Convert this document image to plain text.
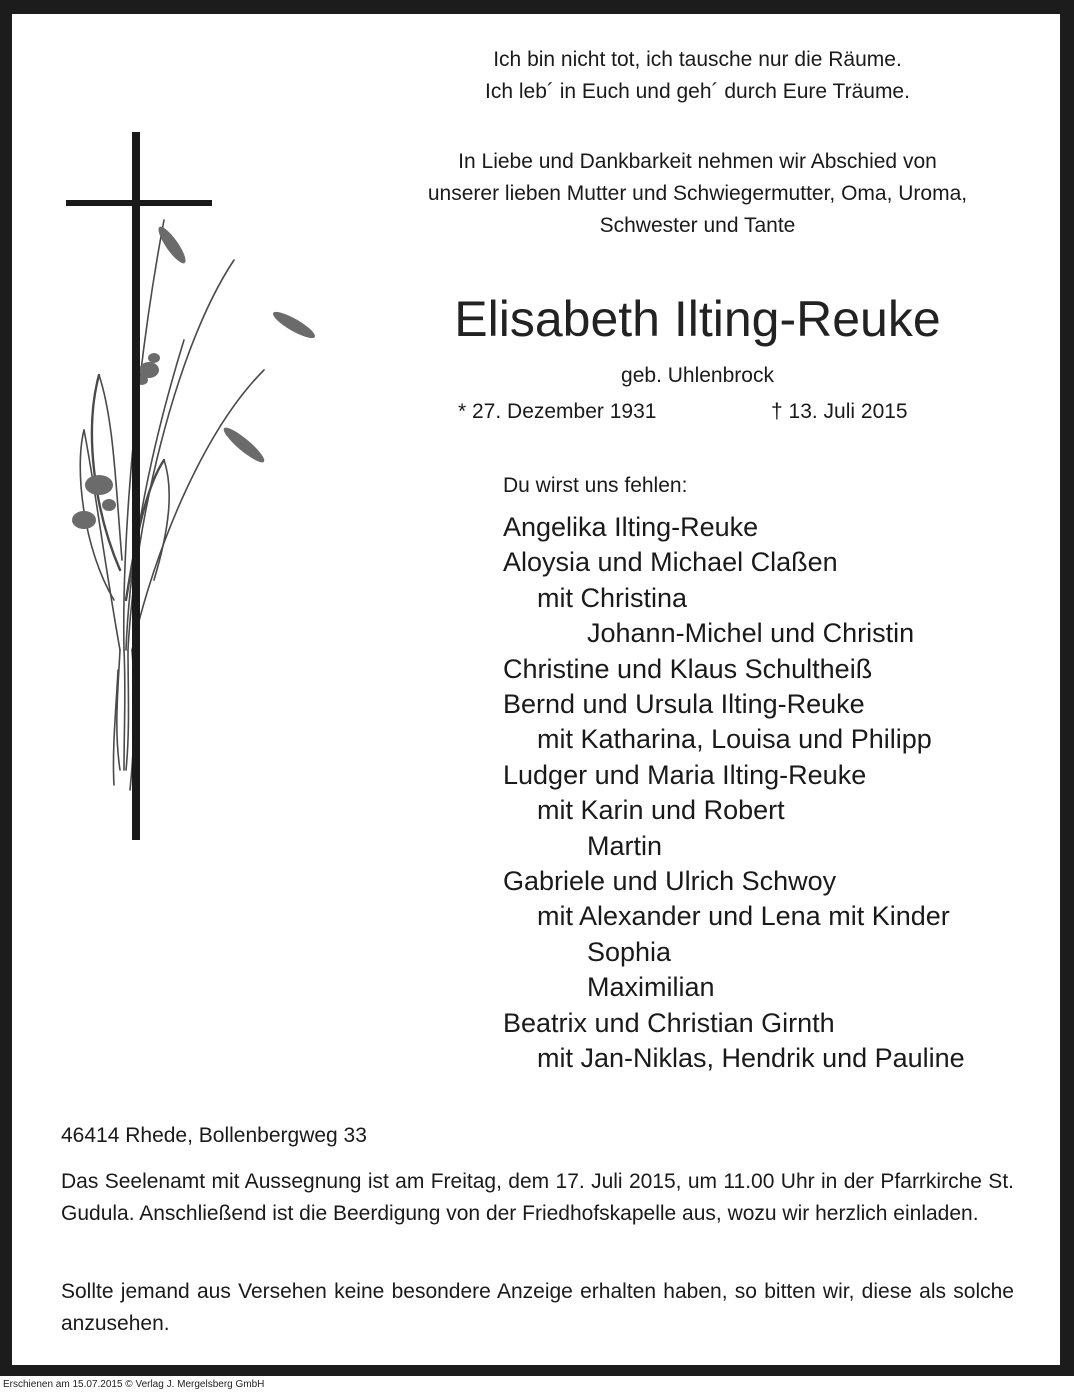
Ich bin nicht tot, ich tausche nur die Räume.
Ich leb´ in Euch und geh´ durch Eure Träume.
In Liebe und Dankbarkeit nehmen wir Abschied von
unserer lieben Mutter und Schwiegermutter, Oma, Uroma,
Schwester und Tante
Elisabeth Ilting-Reuke
geb. Uhlenbrock
* 27. Dezember 1931	† 13. Juli 2015
Du wirst uns fehlen:
Angelika Ilting-Reuke
Aloysia und Michael Claßen
mit Christina
Johann-Michel und Christin
Christine und Klaus Schultheiß
Bernd und Ursula Ilting-Reuke
mit Katharina, Louisa und Philipp
Ludger und Maria Ilting-Reuke
mit Karin und Robert
Martin
Gabriele und Ulrich Schwoy
mit Alexander und Lena mit Kinder
Sophia
Maximilian
Beatrix und Christian Girnth
mit Jan-Niklas, Hendrik und Pauline
46414 Rhede, Bollenbergweg 33
Das Seelenamt mit Aussegnung ist am Freitag, dem 17. Juli 2015, um 11.00 Uhr in der Pfarrkirche St. Gudula. Anschließend ist die Beerdigung von der Friedhofskapelle aus, wozu wir herzlich einladen.
Sollte jemand aus Versehen keine besondere Anzeige erhalten haben, so bitten wir, diese als solche anzusehen.
Erschienen am 15.07.2015 © Verlag J. Mergelsberg GmbH
